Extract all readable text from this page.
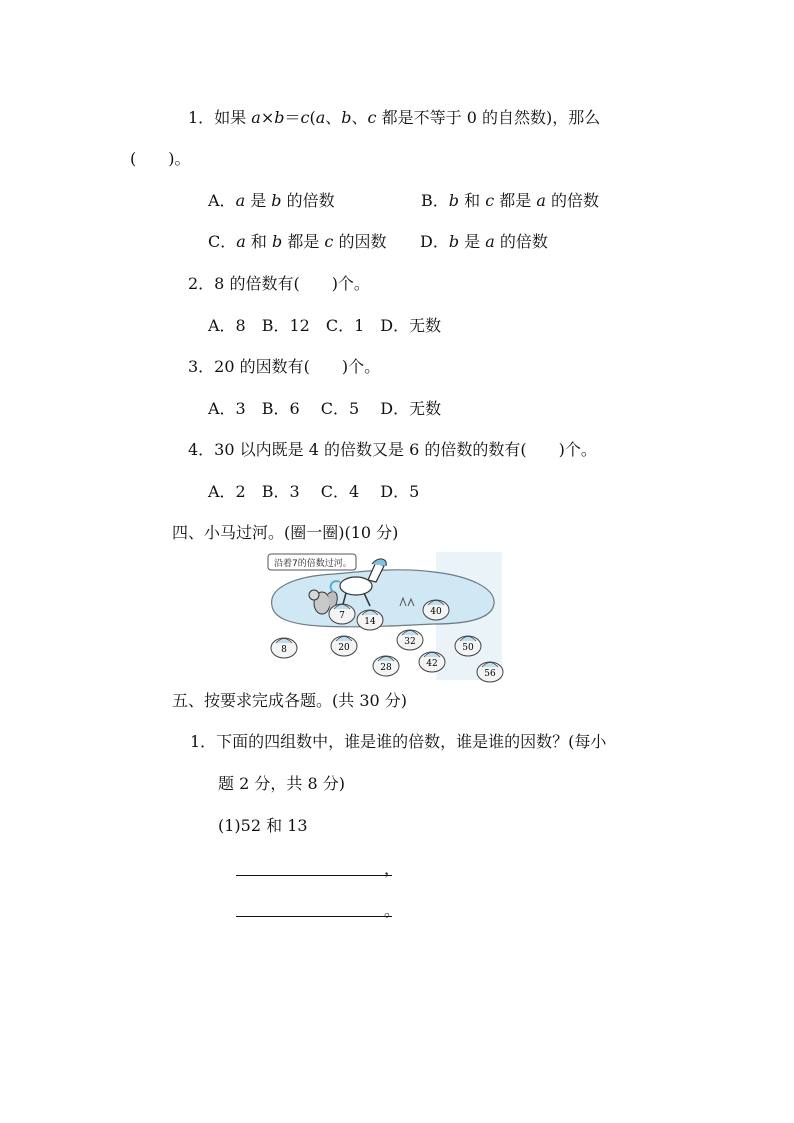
1．如果 a×b＝c(a、b、c 都是不等于 0 的自然数)，那么
(　　)。
A．a 是 b 的倍数	B．b 和 c 都是 a 的倍数
C．a 和 b 都是 c 的因数 D．b 是 a 的倍数
2．8 的倍数有(　　)个。
A．8　B．12　C．1　D．无数
3．20 的因数有(　　)个。
A．3　B．6　 C．5　 D．无数
4．30 以内既是 4 的倍数又是 6 的倍数的数有(　　)个。
A．2　B．3　 C．4　 D．5
四、小马过河。(圈一圈)(10 分)
沿着7的倍数过河。
7
14
40
8	20
32
50
28	42
56
五、按要求完成各题。(共 30 分)
1．下面的四组数中，谁是谁的倍数，谁是谁的因数？(每小
题 2 分，共 8 分)
(1)52 和 13
，
。
